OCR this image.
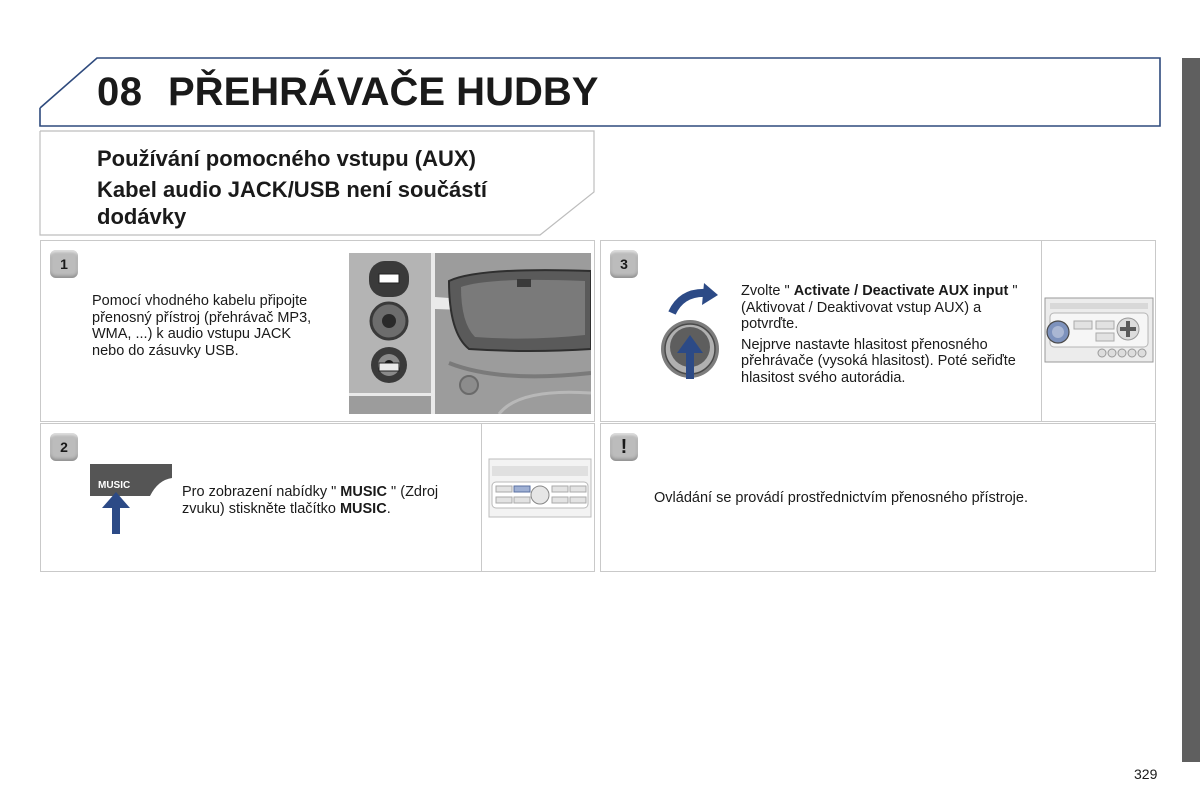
08 PŘEHRÁVAČE HUDBY
Používání pomocného vstupu (AUX)
Kabel audio JACK/USB není součástí
dodávky
1
Pomocí vhodného kabelu připojte přenosný přístroj (přehrávač MP3, WMA, ...) k audio vstupu JACK nebo do zásuvky USB.
3
Zvolte " Activate / Deactivate AUX input " (Aktivovat / Deaktivovat vstup AUX) a potvrďte.
Nejprve nastavte hlasitost přenosného přehrávače (vysoká hlasitost). Poté seřiďte hlasitost svého autorádia.
2
MUSIC	Pro zobrazení nabídky " MUSIC " (Zdroj zvuku) stiskněte tlačítko MUSIC.
!
Ovládání se provádí prostřednictvím přenosného přístroje.
329
